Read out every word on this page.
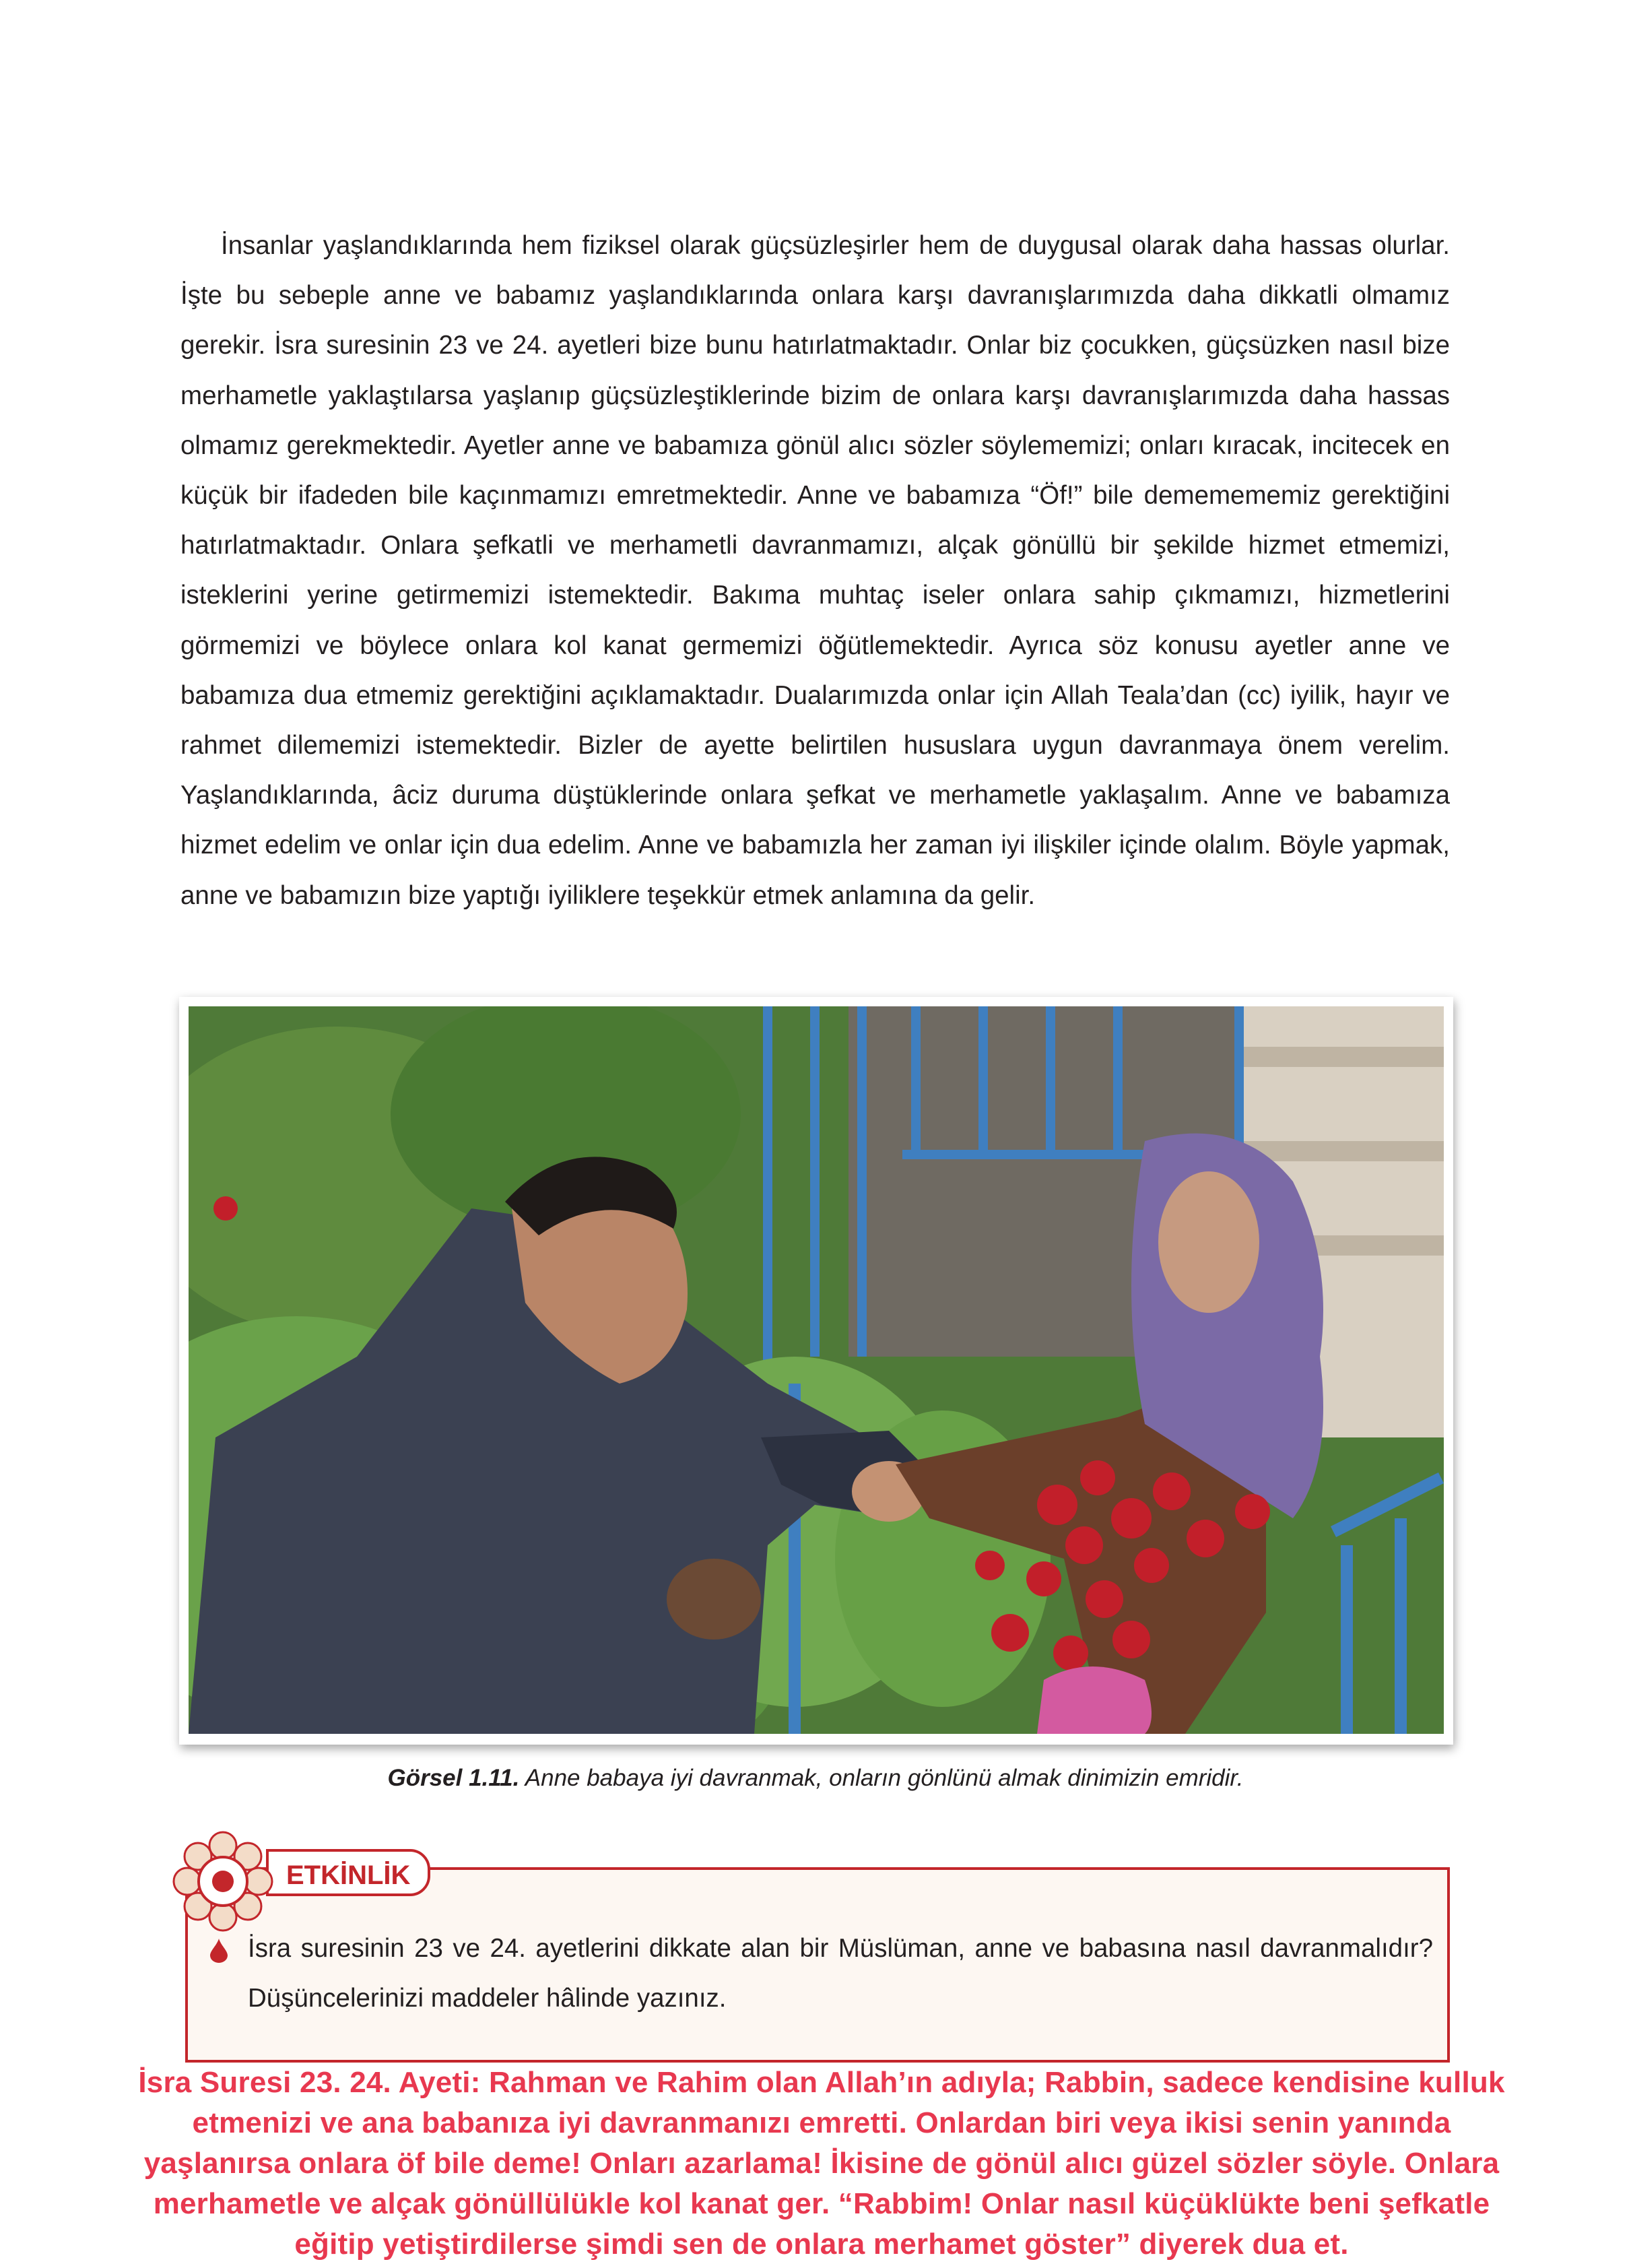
İnsanlar yaşlandıklarında hem fiziksel olarak güçsüzleşirler hem de duygusal olarak daha hassas olurlar. İşte bu sebeple anne ve babamız yaşlandıklarında onlara karşı davranışlarımızda daha dikkatli olmamız gerekir. İsra suresinin 23 ve 24. ayetleri bize bunu hatırlatmaktadır. Onlar biz çocukken, güçsüzken nasıl bize merhametle yaklaştılarsa yaşlanıp güçsüzleştiklerinde bizim de onlara karşı davranışlarımızda daha hassas olmamız gerekmektedir. Ayetler anne ve babamıza gönül alıcı sözler söylememizi; onları kıracak, incitecek en küçük bir ifadeden bile kaçınmamızı emretmektedir. Anne ve babamıza “Öf!” bile dememememiz gerektiğini hatırlatmaktadır. Onlara şefkatli ve merhametli davranmamızı, alçak gönüllü bir şekilde hizmet etmemizi, isteklerini yerine getirmemizi istemektedir. Bakıma muhtaç iseler onlara sahip çıkmamızı, hizmetlerini görmemizi ve böylece onlara kol kanat germemizi öğütlemektedir. Ayrıca söz konusu ayetler anne ve babamıza dua etmemiz gerektiğini açıklamaktadır. Dualarımızda onlar için Allah Teala’dan (cc) iyilik, hayır ve rahmet dilememizi istemektedir. Bizler de ayette belirtilen hususlara uygun davranmaya önem verelim. Yaşlandıklarında, âciz duruma düştüklerinde onlara şefkat ve merhametle yaklaşalım. Anne ve babamıza hizmet edelim ve onlar için dua edelim. Anne ve babamızla her zaman iyi ilişkiler içinde olalım. Böyle yapmak, anne ve babamızın bize yaptığı iyiliklere teşekkür etmek anlamına da gelir.

Görsel 1.11. Anne babaya iyi davranmak, onların gönlünü almak dinimizin emridir.
ETKİNLİK

İsra suresinin 23 ve 24. ayetlerini dikkate alan bir Müslüman, anne ve babasına nasıl davranmalıdır? Düşüncelerinizi maddeler hâlinde yazınız.

İsra Suresi 23. 24. Ayeti: Rahman ve Rahim olan Allah’ın adıyla; Rabbin, sadece kendisine kulluk etmenizi ve ana babanıza iyi davranmanızı emretti. Onlardan biri veya ikisi senin yanında yaşlanırsa onlara öf bile deme! Onları azarlama! İkisine de gönül alıcı güzel sözler söyle. Onlara merhametle ve alçak gönüllülükle kol kanat ger. “Rabbim! Onlar nasıl küçüklükte beni şefkatle eğitip yetiştirdilerse şimdi sen de onlara merhamet göster” diyerek dua et.
